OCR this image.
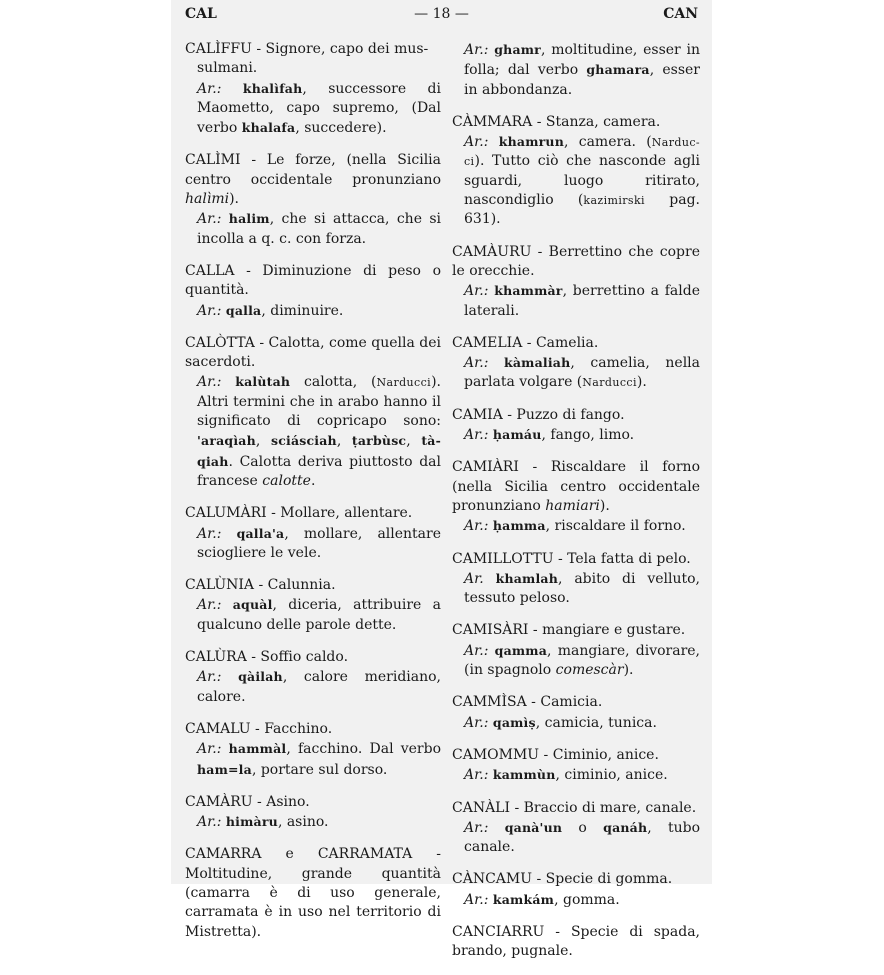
CAL	— 18 —	CAN
CALÌFFU - Signore, capo dei mus-
sulmani.
Ar.: khalìfah, successore di Maometto, capo supremo, (Dal verbo khalafa, succedere).
CALÌMI - Le forze, (nella Sicilia centro occidentale pronunziano halìmi).
Ar.: halim, che si attacca, che si incolla a q. c. con forza.
CALLA - Diminuzione di peso o quantità.
Ar.: qalla, diminuire.
CALÒTTA - Calotta, come quella dei sacerdoti.
Ar.: kalùtah calotta, (Narducci). Altri termini che in arabo hanno il significato di copricapo sono: 'araqìah, sciásciah, ṭarbùsc, tà-qiah. Calotta deriva piuttosto dal francese calotte.
CALUMÀRI - Mollare, allentare.
Ar.: qalla'a, mollare, allentare sciogliere le vele.
CALÙNIA - Calunnia.
Ar.: aquàl, diceria, attribuire a qualcuno delle parole dette.
CALÙRA - Soffio caldo.
Ar.: qàilah, calore meridiano, calore.
CAMALU - Facchino.
Ar.: hammàl, facchino. Dal verbo ham=la, portare sul dorso.
CAMÀRU - Asino.
Ar.: himàru, asino.
CAMARRA e CARRAMATA - Moltitudine, grande quantità (camarra è di uso generale, carramata è in uso nel territorio di Mistretta).
Ar.: ghamr, moltitudine, esser in folla; dal verbo ghamara, esser in abbondanza.
CÀMMARA - Stanza, camera.
Ar.: khamrun, camera. (Narduc-ci). Tutto ciò che nasconde agli sguardi, luogo ritirato, nascondiglio (kazimirski pag. 631).
CAMÀURU - Berrettino che copre le orecchie.
Ar.: khammàr, berrettino a falde laterali.
CAMELIA - Camelia.
Ar.: kàmaliah, camelia, nella parlata volgare (Narducci).
CAMIA - Puzzo di fango.
Ar.: ḥamáu, fango, limo.
CAMIÀRI - Riscaldare il forno (nella Sicilia centro occidentale pronunziano hamiari).
Ar.: ḥamma, riscaldare il forno.
CAMILLOTTU - Tela fatta di pelo.
Ar. khamlah, abito di velluto, tessuto peloso.
CAMISÀRI - mangiare e gustare.
Ar.: qamma, mangiare, divorare, (in spagnolo comescàr).
CAMMÌSA - Camicia.
Ar.: qamìṣ, camicia, tunica.
CAMOMMU - Ciminio, anice.
Ar.: kammùn, ciminio, anice.
CANÀLI - Braccio di mare, canale.
Ar.: qanà'un o qanáh, tubo canale.
CÀNCAMU - Specie di gomma.
Ar.: kamkám, gomma.
CANCIARRU - Specie di spada, brando, pugnale.
